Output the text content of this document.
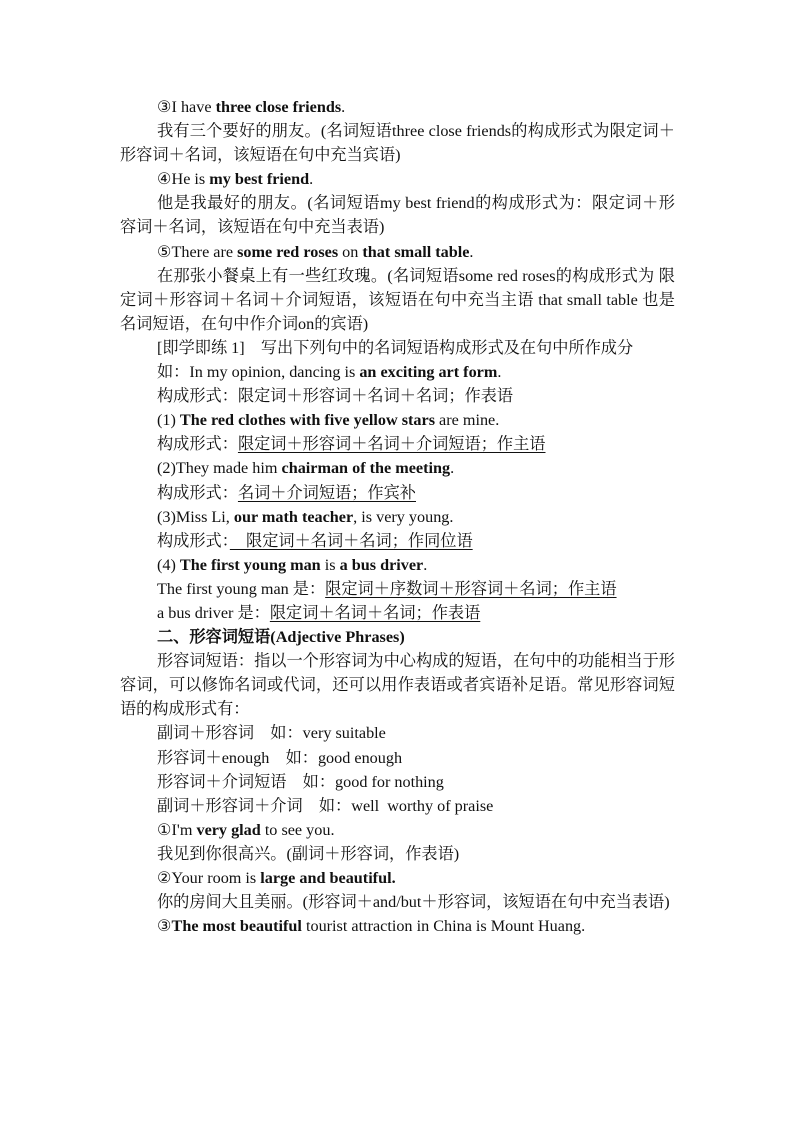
③I have three close friends.

我有三个要好的朋友。(名词短语three close friends的构成形式为限定词＋形容词＋名词，该短语在句中充当宾语)

④He is my best friend.

他是我最好的朋友。(名词短语my best friend的构成形式为：限定词＋形容词＋名词，该短语在句中充当表语)

⑤There are some red roses on that small table.

在那张小餐桌上有一些红玫瑰。(名词短语some red roses的构成形式为 限定词＋形容词＋名词＋介词短语，该短语在句中充当主语 that small table 也是名词短语，在句中作介词on的宾语)

[即学即练 1]　写出下列句中的名词短语构成形式及在句中所作成分

如：In my opinion, dancing is an exciting art form.

构成形式：限定词＋形容词＋名词＋名词；作表语

(1) The red clothes with five yellow stars are mine.

构成形式：限定词＋形容词＋名词＋介词短语；作主语

(2)They made him chairman of the meeting.

构成形式：名词＋介词短语；作宾补

(3)Miss Li, our math teacher, is very young.

构成形式：　限定词＋名词＋名词；作同位语

(4) The first young man is a bus driver.

The first young man 是：限定词＋序数词＋形容词＋名词；作主语

a bus driver 是：限定词＋名词＋名词；作表语

二、形容词短语(Adjective Phrases)

形容词短语：指以一个形容词为中心构成的短语，在句中的功能相当于形容词，可以修饰名词或代词，还可以用作表语或者宾语补足语。常见形容词短语的构成形式有：

副词＋形容词　如：very suitable

形容词＋enough　如：good enough

形容词＋介词短语　如：good for nothing

副词＋形容词＋介词　如：well  worthy of praise

①I'm very glad to see you.

我见到你很高兴。(副词＋形容词，作表语)

②Your room is large and beautiful.

你的房间大且美丽。(形容词＋and/but＋形容词，该短语在句中充当表语)

③The most beautiful tourist attraction in China is Mount Huang.
